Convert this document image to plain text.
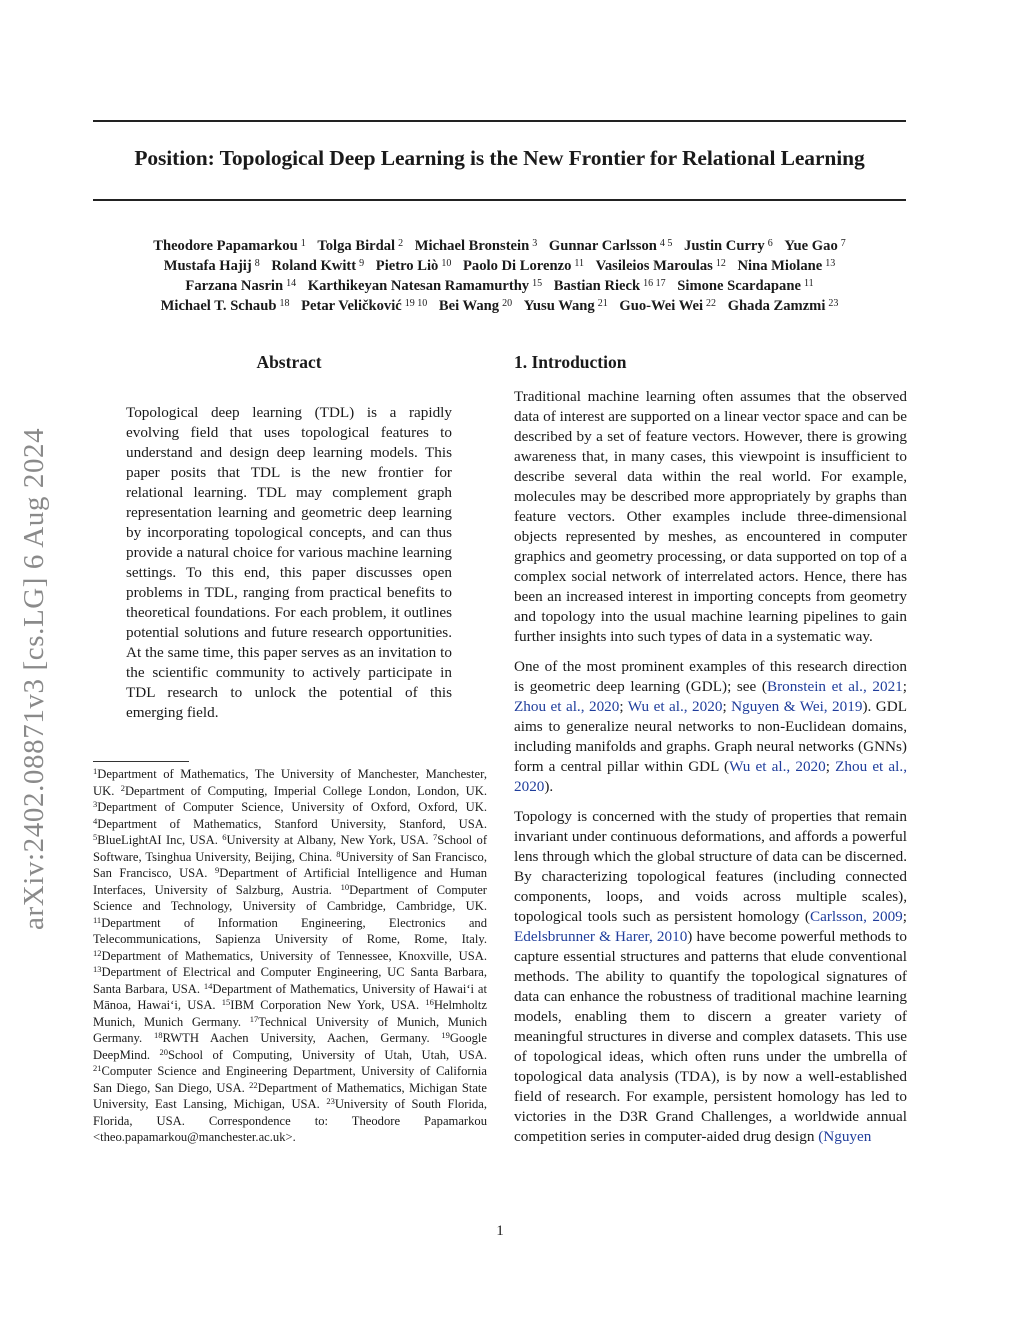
Position: Topological Deep Learning is the New Frontier for Relational Learning
Theodore Papamarkou $^1$ Tolga Birdal $^2$ Michael Bronstein $^3$ Gunnar Carlsson $^{4 5}$ Justin Curry $^6$ Yue Gao $^7$
Mustafa Hajij $^8$ Roland Kwitt $^9$ Pietro Liò $^{10}$ Paolo Di Lorenzo $^{11}$ Vasileios Maroulas $^{12}$ Nina Miolane $^{13}$
Farzana Nasrin $^{14}$ Karthikeyan Natesan Ramamurthy $^{15}$ Bastian Rieck $^{16 17}$ Simone Scardapane $^{11}$
Michael T. Schaub $^{18}$ Petar Veličković $^{19 10}$ Bei Wang $^{20}$ Yusu Wang $^{21}$ Guo-Wei Wei $^{22}$ Ghada Zamzmi $^{23}$
arXiv:2402.08871v3 [cs.LG] 6 Aug 2024
Abstract
Topological deep learning (TDL) is a rapidly evolving field that uses topological features to understand and design deep learning models. This paper posits that TDL is the new frontier for relational learning. TDL may complement graph representation learning and geometric deep learning by incorporating topological concepts, and can thus provide a natural choice for various machine learning settings. To this end, this paper discusses open problems in TDL, ranging from practical benefits to theoretical foundations. For each problem, it outlines potential solutions and future research opportunities. At the same time, this paper serves as an invitation to the scientific community to actively participate in TDL research to unlock the potential of this emerging field.
$^1$Department of Mathematics, The University of Manchester, Manchester, UK. $^2$Department of Computing, Imperial College London, London, UK. $^3$Department of Computer Science, University of Oxford, Oxford, UK. $^4$Department of Mathematics, Stanford University, Stanford, USA. $^5$BlueLightAI Inc, USA. $^6$University at Albany, New York, USA. $^7$School of Software, Tsinghua University, Beijing, China. $^8$University of San Francisco, San Francisco, USA. $^9$Department of Artificial Intelligence and Human Interfaces, University of Salzburg, Austria. $^{10}$Department of Computer Science and Technology, University of Cambridge, Cambridge, UK. $^{11}$Department of Information Engineering, Electronics and Telecommunications, Sapienza University of Rome, Rome, Italy. $^{12}$Department of Mathematics, University of Tennessee, Knoxville, USA. $^{13}$Department of Electrical and Computer Engineering, UC Santa Barbara, Santa Barbara, USA. $^{14}$Department of Mathematics, University of Hawai‘i at Mānoa, Hawai‘i, USA. $^{15}$IBM Corporation New York, USA. $^{16}$Helmholtz Munich, Munich Germany. $^{17}$Technical University of Munich, Munich Germany. $^{18}$RWTH Aachen University, Aachen, Germany. $^{19}$Google DeepMind. $^{20}$School of Computing, University of Utah, Utah, USA. $^{21}$Computer Science and Engineering Department, University of California San Diego, San Diego, USA. $^{22}$Department of Mathematics, Michigan State University, East Lansing, Michigan, USA. $^{23}$University of South Florida, Florida, USA. Correspondence to: Theodore Papamarkou <theo.papamarkou@manchester.ac.uk>.
1. Introduction

Traditional machine learning often assumes that the observed data of interest are supported on a linear vector space and can be described by a set of feature vectors. However, there is growing awareness that, in many cases, this viewpoint is insufficient to describe several data within the real world. For example, molecules may be described more appropriately by graphs than feature vectors. Other examples include three-dimensional objects represented by meshes, as encountered in computer graphics and geometry processing, or data supported on top of a complex social network of interrelated actors. Hence, there has been an increased interest in importing concepts from geometry and topology into the usual machine learning pipelines to gain further insights into such types of data in a systematic way.

One of the most prominent examples of this research direction is geometric deep learning (GDL); see (Bronstein et al., 2021; Zhou et al., 2020; Wu et al., 2020; Nguyen & Wei, 2019). GDL aims to generalize neural networks to non-Euclidean domains, including manifolds and graphs. Graph neural networks (GNNs) form a central pillar within GDL (Wu et al., 2020; Zhou et al., 2020).

Topology is concerned with the study of properties that remain invariant under continuous deformations, and affords a powerful lens through which the global structure of data can be discerned. By characterizing topological features (including connected components, loops, and voids across multiple scales), topological tools such as persistent homology (Carlsson, 2009; Edelsbrunner & Harer, 2010) have become powerful methods to capture essential structures and patterns that elude conventional methods. The ability to quantify the topological signatures of data can enhance the robustness of traditional machine learning models, enabling them to discern a greater variety of meaningful structures in diverse and complex datasets. This use of topological ideas, which often runs under the umbrella of topological data analysis (TDA), is by now a well-established field of research. For example, persistent homology has led to victories in the D3R Grand Challenges, a worldwide annual competition series in computer-aided drug design (Nguyen

1
